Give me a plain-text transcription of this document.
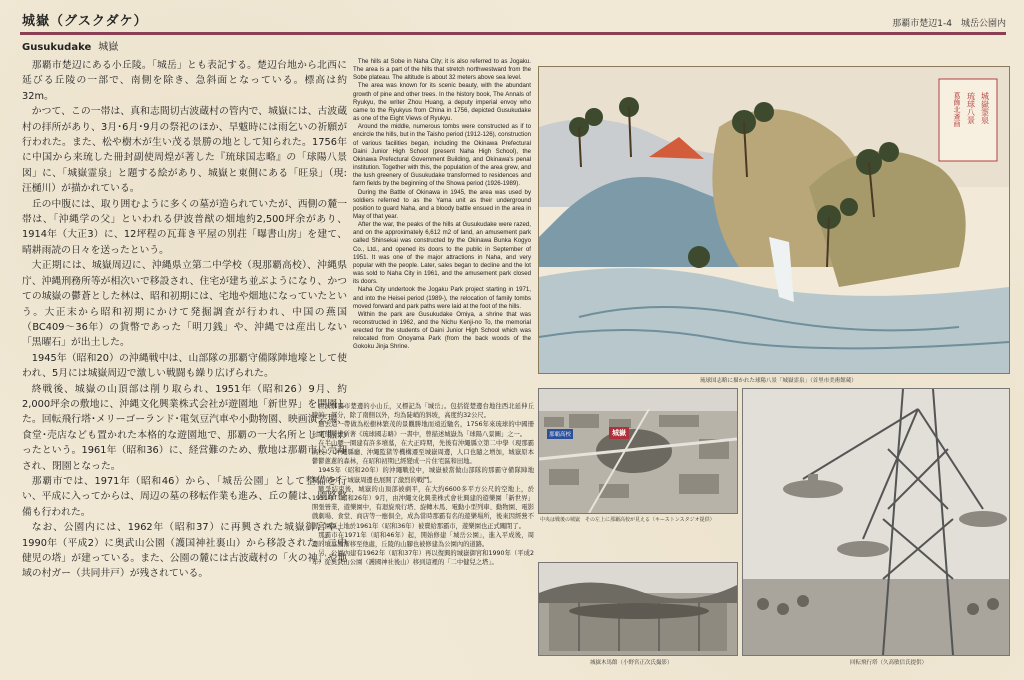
城嶽（グスクダケ）	那覇市楚辺1-4　城岳公園内
Gusukudake 城嶽

那覇市楚辺にある小丘陵。「城岳」とも表記する。楚辺台地から北西に延びる丘陵の一部で、南側を除き、急斜面となっている。標高は約32m。

かつて、この一帯は、真和志間切古波蔵村の管内で、城嶽には、古波蔵村の拝所があり、3月･6月･9月の祭祀のほか、旱魃時には雨乞いの祈願が行われた。また、松や樹木が生い茂る景勝の地として知られた。1756年に中国から来琉した冊封副使周煌が著した『琉球国志略』の「球陽八景図」に、「城嶽霊泉」と題する絵があり、城嶽と東側にある「旺泉」（現:汪樋川）が描かれている。

丘の中腹には、取り囲むように多くの墓が造られていたが、西側の麓一帯は、「沖縄学の父」といわれる伊波普猷の畑地約2,500坪余があり、1914年（大正3）に、12坪程の瓦葺き平屋の別荘「曝書山房」を建て、晴耕雨読の日々を送ったという。

大正期には、城嶽周辺に、沖縄県立第二中学校（現那覇高校）、沖縄県庁、沖縄刑務所等が相次いで移設され、住宅が建ち並ぶようになり、かつての城嶽の鬱蒼とした林は、昭和初期には、宅地や畑地になっていたという。大正末から昭和初期にかけて発掘調査が行われ、中国の燕国（BC409〜36年）の貨幣であった「明刀銭」や、沖縄では産出しない「黒曜石」が出土した。

1945年（昭和20）の沖縄戦中は、山部隊の那覇守備隊陣地壕として使われ、5月には城嶽周辺で激しい戦闘も繰り広げられた。

終戦後、城嶽の山頂部は削り取られ、1951年（昭和26）9月、約2,000坪余の敷地に、沖縄文化興業株式会社が遊園地「新世界」を開園した。回転飛行塔･メリーゴーランド･電気豆汽車や小動物園、映画演芸場、食堂･売店なども置かれた本格的な遊園地で、那覇の一大名所として賑わったという。1961年（昭和36）に、経営難のため、敷地は那覇市に売却され、閉園となった。

那覇市では、1971年（昭和46）から、「城岳公園」として整備を行い、平成に入ってからは、周辺の墓の移転作業も進み、丘の麓は、園路整備も行われた。

なお、公園内には、1962年（昭和37）に再興された城嶽御宮や、1990年（平成2）に奥武山公園（護国神社裏山）から移設された「二中健児の塔」が建っている。また、公園の麓には古波蔵村の「火の神」や地域の村ガー（共同井戸）が残されている。

The hills at Sobe in Naha City; it is also referred to as Jogaku. The area is a part of the hills that stretch northwestward from the Sobe plateau. The altitude is about 32 meters above sea level.

The area was known for its scenic beauty, with the abundant growth of pine and other trees. In the history book, The Annals of Ryukyu, the writer Zhou Huang, a deputy imperial envoy who came to the Ryukyus from China in 1756, depicted Gusukudake as one of the Eight Views of Ryukyu.

Around the middle, numerous tombs were constructed as if to encircle the hills, but in the Taisho period (1912-126), construction of various facilities began, including the Okinawa Prefectural Daini Junior High School (present Naha High School), the Okinawa Prefectural Government Building, and Okinawa's penal institution. Together with this, the population of the area grew, and the lush greenery of Gusukudake transformed to residences and farm fields by the beginning of the Showa period (1926-1989).

During the Battle of Okinawa in 1945, the area was used by soldiers referred to as the Yama unit as their underground position to guard Naha, and a bloody battle ensued in the area in May of that year.

After the war, the peaks of the hills at Gusukudake were razed, and on the approximately 6,612 m2 of land, an amusement park called Shinsekai was constructed by the Okinawa Bunka Kogyo Co., Ltd., and opened its doors to the public in September of 1951. It was one of the major attractions in Naha, and very popular with the people. Later, sales began to decline and the lot was sold to Naha City in 1961, and the amusement park closed its doors.

Naha City undertook the Jogaku Park project starting in 1971, and into the Heisei period (1989-), the relocation of family tombs moved forward and park paths were laid at the foot of the hills.

Within the park are Gusukudake Omiya, a shrine that was reconstructed in 1962, and the Nichu Kenji-no To, the memorial erected for the students of Daini Junior High School which was relocated from Onoyama Park (from the back woods of the Gokoku Jinja Shrine.

位於那覇市楚邊的小山丘，又標記為「城岳」。包括從楚邊台地往西北延伸丘陵的一部分，除了南側以外，均為陡峭的斜坡，高度約32公尺。

過去這一帶做為松樹林繁茂的景觀勝地而遠近馳名，1756年來琉球的中國冊封副使周煌所著《琉球國志略》一書中，曾描述城嶽為「球陽八景圖」之一。

在半山腰一圈建有許多墳墓，在大正時期，先後有沖繩縣立第二中學（現那霸高校）、沖繩縣廳、沖繩監獄等機構遷至城嶽周邊，人口也隨之增加，城嶽原本鬱鬱蔥蔥的森林，在昭和初期已經變成一片住宅區和田地。

1945年（昭和20年）的沖繩戰役中，城嶽被當做山部隊的那霸守備隊陣地壕，在5月，城嶽周邊也展開了激烈的戰鬥。

戰爭結束後，城嶽的山頂部被剷平，在大約6600多平方公尺的空地上，於1951年（昭和26年）9月，由沖繩文化興業株式會社興建的遊樂園「新世界」開張營業，遊樂園中，有迴旋飛行塔、旋轉木馬、電動小型列車、動物園、電影戲劇場、食堂、商店等一應俱全，成為當時那霸有名的遊樂場所，後來因經營不善，園區土地於1961年（昭和36年）被賣給那霸市，遊樂園也正式關閉了。

那霸市在1971年（昭和46年）起，開始修建「城岳公園」，進入平成後，周邊的墳墓漸漸移至他處，丘陵的山腳也被修建為公園內的道路。

另，公園內建有1962年（昭和37年）再以復興的城嶽御宮和1990年（平成2年）從奧武山公園（護國神社後山）移到這裡的「二中健兒之塔」。

城嶽霊泉
琉球八景
葛飾北斎画
琉球国志略に描かれた球陽八景「城嶽霊泉」（首里市美術館蔵）
那覇高校	城嶽
中央は戦後の城嶽　その左上に那覇高校が見える（キーストンスタジオ提供）
城嶽木馬館（小野宮正次氏撮影）	回転飛行塔（久高敏信氏提供）
